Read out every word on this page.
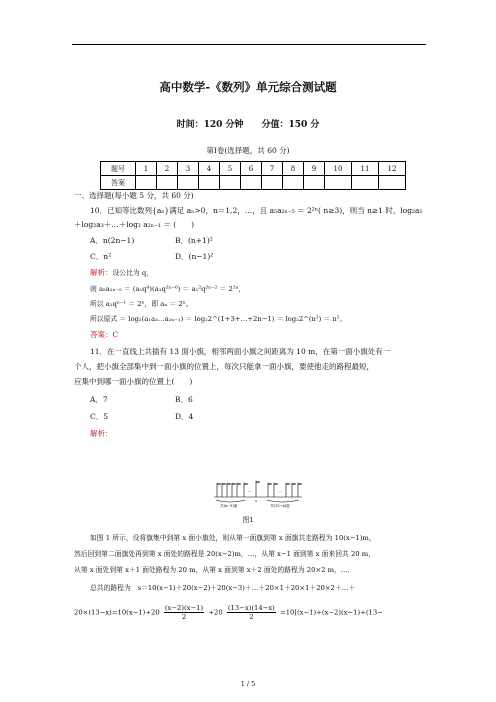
高中数学-《数列》单元综合测试题
时间：120 分钟　　分值：150 分
第Ⅰ卷(选择题，共 60 分)
题号	1	2	3	4	5	6	7	8	9	10	11	12
答案												
一、选择题(每小题 5 分，共 60 分)
10．已知等比数列{aₙ}满足 aₙ>0，n＝1,2，…，且 a₅a₂ₙ₋₅ ＝ 2²ⁿ( n≥3)，则当 n≥1 时，log₂a₁
＋log₂a₃＋…＋log₂ a₂ₙ₋₁ ＝ (　　)
A．n(2n−1)	B．(n+1)²
C．n²	D．(n−1)²
解析：设公比为 q，
则 a₅a₂ₙ₋₅ ＝ (a₁q⁴)(a₁q²ⁿ⁻⁶) ＝ a₁²q²ⁿ⁻² ＝ 2²ⁿ，
所以 a₁qⁿ⁻¹ ＝ 2ⁿ，即 aₙ ＝ 2ⁿ。
所以原式 ＝ log₂(a₁a₃…a₂ₙ₋₁) ＝ log₂2^(1+3+…+2n−1) ＝ log₂2^(n²) ＝ n²。
答案：C
11．在一直线上共插有 13 面小旗，相邻两面小旗之间距离为 10 m，在第一面小旗处有一
个人，把小旗全部集中到一面小旗的位置上，每次只能拿一面小旗，要使他走的路程最短，
应集中到哪一面小旗的位置上(　　)
A．7	B．6
C．5	D．4
解析：
…	…
共(x−1)面
x
共(13−x)面
图1
如图 1 所示，设将旗集中到第 x 面小旗处，则从第一面旗到第 x 面旗共走路程为 10(x−1)m，
然后回到第二面旗处再到第 x 面处的路程是 20(x−2)m，…，从第 x−1 面到第 x 面来回共 20 m，
从第 x 面处到第 x＋1 面处路程为 20 m，从第 x 面到第 x＋2 面处的路程为 20×2 m，…．
总共的路程为　s＝10(x−1)＋20(x−2)＋20(x−3)＋…＋20×1＋20×1＋20×2＋…＋
$20\times(13-x)=10(x-1)+20 \frac{(x-2)(x-1)}{2} +20 \frac{(13-x)(14-x)}{2} =10[(x-1)+(x-2)(x-1)+(13-$
1 / 5
